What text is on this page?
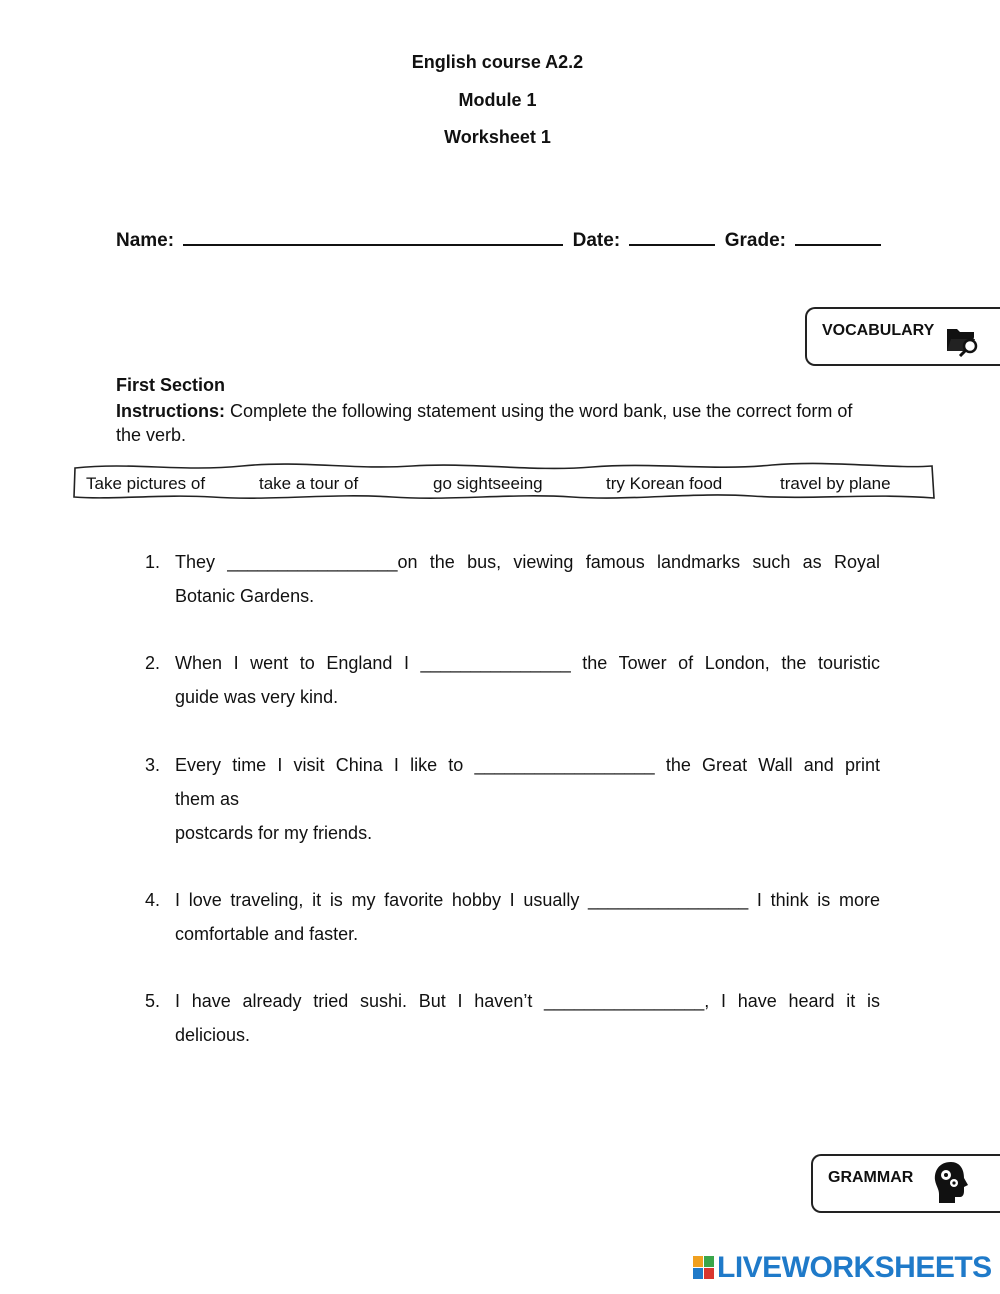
English course A2.2
Module 1
Worksheet 1
Name:	Date:	Grade:
VOCABULARY
First Section
Instructions: Complete the following statement using the word bank, use the correct form of the verb.
Take pictures of	take a tour of	go sightseeing	try Korean food	travel by plane
1. They _________________on the bus, viewing famous landmarks such as Royal
Botanic Gardens.
2. When I went to England I _______________ the Tower of London, the touristic
guide was very kind.
3. Every time I visit China I like to __________________ the Great Wall and print
them as
postcards for my friends.
4. I love traveling, it is my favorite hobby I usually ________________ I think is more
comfortable and faster.
5. I have already tried sushi. But I haven’t ________________, I have heard it is
delicious.
GRAMMAR
LIVEWORKSHEETS
